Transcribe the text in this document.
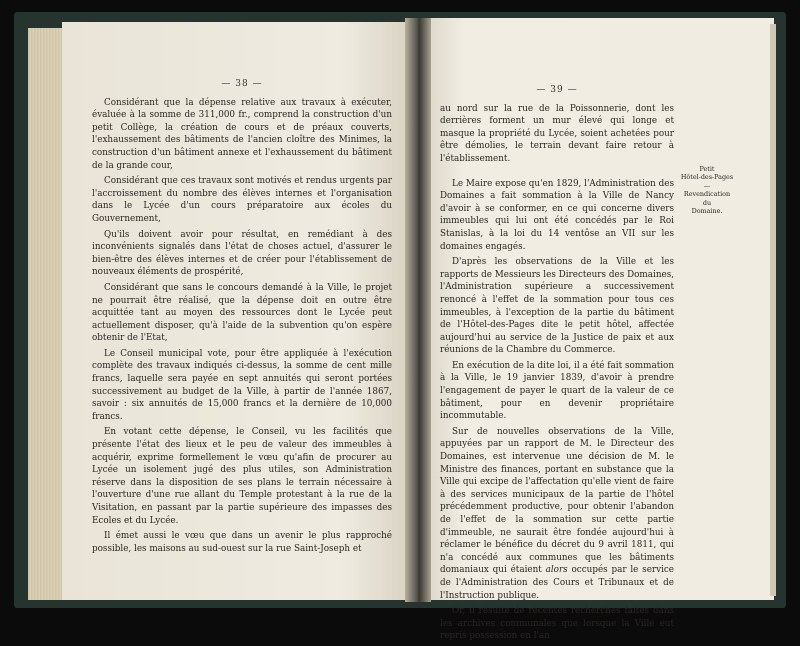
— 38 —

Considérant que la dépense relative aux travaux à exécuter, évaluée à la somme de 311,000 fr., comprend la construction d'un petit Collège, la création de cours et de préaux couverts, l'exhaussement des bâtiments de l'ancien cloître des Minimes, la construction d'un bâtiment annexe et l'exhaussement du bâtiment de la grande cour,

Considérant que ces travaux sont motivés et rendus urgents par l'accroissement du nombre des élèves internes et l'organisation dans le Lycée d'un cours préparatoire aux écoles du Gouvernement,

Qu'ils doivent avoir pour résultat, en remédiant à des inconvénients signalés dans l'état de choses actuel, d'assurer le bien-être des élèves internes et de créer pour l'établissement de nouveaux éléments de prospérité,

Considérant que sans le concours demandé à la Ville, le projet ne pourrait être réalisé, que la dépense doit en outre être acquittée tant au moyen des ressources dont le Lycée peut actuellement disposer, qu'à l'aide de la subvention qu'on espère obtenir de l'Etat,

Le Conseil municipal vote, pour être appliquée à l'exécution complète des travaux indiqués ci-dessus, la somme de cent mille francs, laquelle sera payée en sept annuités qui seront portées successivement au budget de la Ville, à partir de l'année 1867, savoir : six annuités de 15,000 francs et la dernière de 10,000 francs.

En votant cette dépense, le Conseil, vu les facilités que présente l'état des lieux et le peu de valeur des immeubles à acquérir, exprime formellement le vœu qu'afin de procurer au Lycée un isolement jugé des plus utiles, son Administration réserve dans la disposition de ses plans le terrain nécessaire à l'ouverture d'une rue allant du Temple protestant à la rue de la Visitation, en passant par la partie supérieure des impasses des Ecoles et du Lycée.

Il émet aussi le vœu que dans un avenir le plus rapproché possible, les maisons au sud-ouest sur la rue Saint-Joseph et

— 39 —

au nord sur la rue de la Poissonnerie, dont les derrières forment un mur élevé qui longe et masque la propriété du Lycée, soient achetées pour être démolies, le terrain devant faire retour à l'établissement.

Le Maire expose qu'en 1829, l'Administration des Domaines a fait sommation à la Ville de Nancy d'avoir à se conformer, en ce qui concerne divers immeubles qui lui ont été concédés par le Roi Stanislas, à la loi du 14 ventôse an VII sur les domaines engagés.

D'après les observations de la Ville et les rapports de Messieurs les Directeurs des Domaines, l'Administration supérieure a successivement renoncé à l'effet de la sommation pour tous ces immeubles, à l'exception de la partie du bâtiment de l'Hôtel-des-Pages dite le petit hôtel, affectée aujourd'hui au service de la Justice de paix et aux réunions de la Chambre du Commerce.

En exécution de la dite loi, il a été fait sommation à la Ville, le 19 janvier 1839, d'avoir à prendre l'engagement de payer le quart de la valeur de ce bâtiment, pour en devenir propriétaire incommutable.

Sur de nouvelles observations de la Ville, appuyées par un rapport de M. le Directeur des Domaines, est intervenue une décision de M. le Ministre des finances, portant en substance que la Ville qui excipe de l'affectation qu'elle vient de faire à des services municipaux de la partie de l'hôtel précédemment productive, pour obtenir l'abandon de l'effet de la sommation sur cette partie d'immeuble, ne saurait être fondée aujourd'hui à réclamer le bénéfice du décret du 9 avril 1811, qui n'a concédé aux communes que les bâtiments domaniaux qui étaient alors occupés par le service de l'Administration des Cours et Tribunaux et de l'Instruction publique.

Or, il résulte de récentes recherches faites dans les archives communales que lorsque la Ville eut repris possession en l'an

Petit
Hôtel-des-Pages
—
Revendication
du
Domaine.
